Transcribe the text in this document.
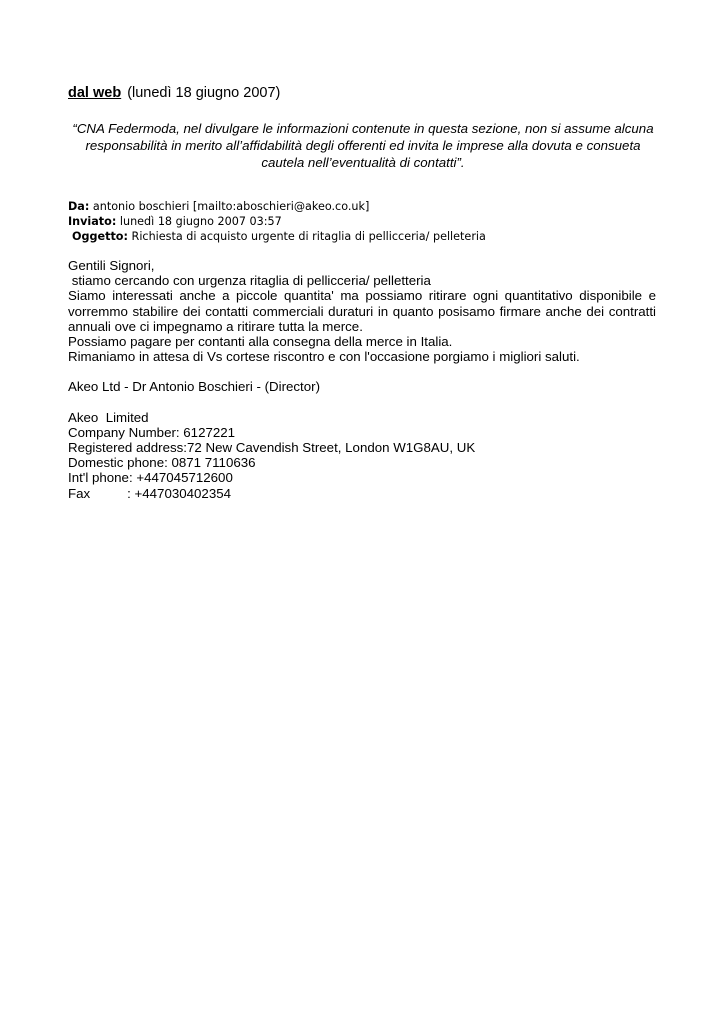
dal web (lunedì 18 giugno 2007)
“CNA Federmoda, nel divulgare le informazioni contenute in questa sezione, non si assume alcuna
responsabilità in merito all’affidabilità degli offerenti ed invita le imprese alla dovuta e consueta
cautela nell’eventualità di contatti”.
Da: antonio boschieri [mailto:aboschieri@akeo.co.uk]
Inviato: lunedì 18 giugno 2007 03:57
Oggetto: Richiesta di acquisto urgente di ritaglia di pellicceria/ pelleteria
Gentili Signori,
stiamo cercando con urgenza ritaglia di pellicceria/ pelletteria
Siamo interessati anche a piccole quantita' ma possiamo ritirare ogni quantitativo disponibile e
vorremmo stabilire dei contatti commerciali duraturi in quanto posisamo firmare anche dei contratti
annuali ove ci impegnamo a ritirare tutta la merce.
Possiamo pagare per contanti alla consegna della merce in Italia.
Rimaniamo in attesa di Vs cortese riscontro e con l'occasione porgiamo i migliori saluti.
Akeo Ltd - Dr Antonio Boschieri - (Director)
Akeo  Limited
Company Number: 6127221
Registered address:72 New Cavendish Street, London W1G8AU, UK
Domestic phone: 0871 7110636
Int'l phone: +447045712600
Fax          : +447030402354
